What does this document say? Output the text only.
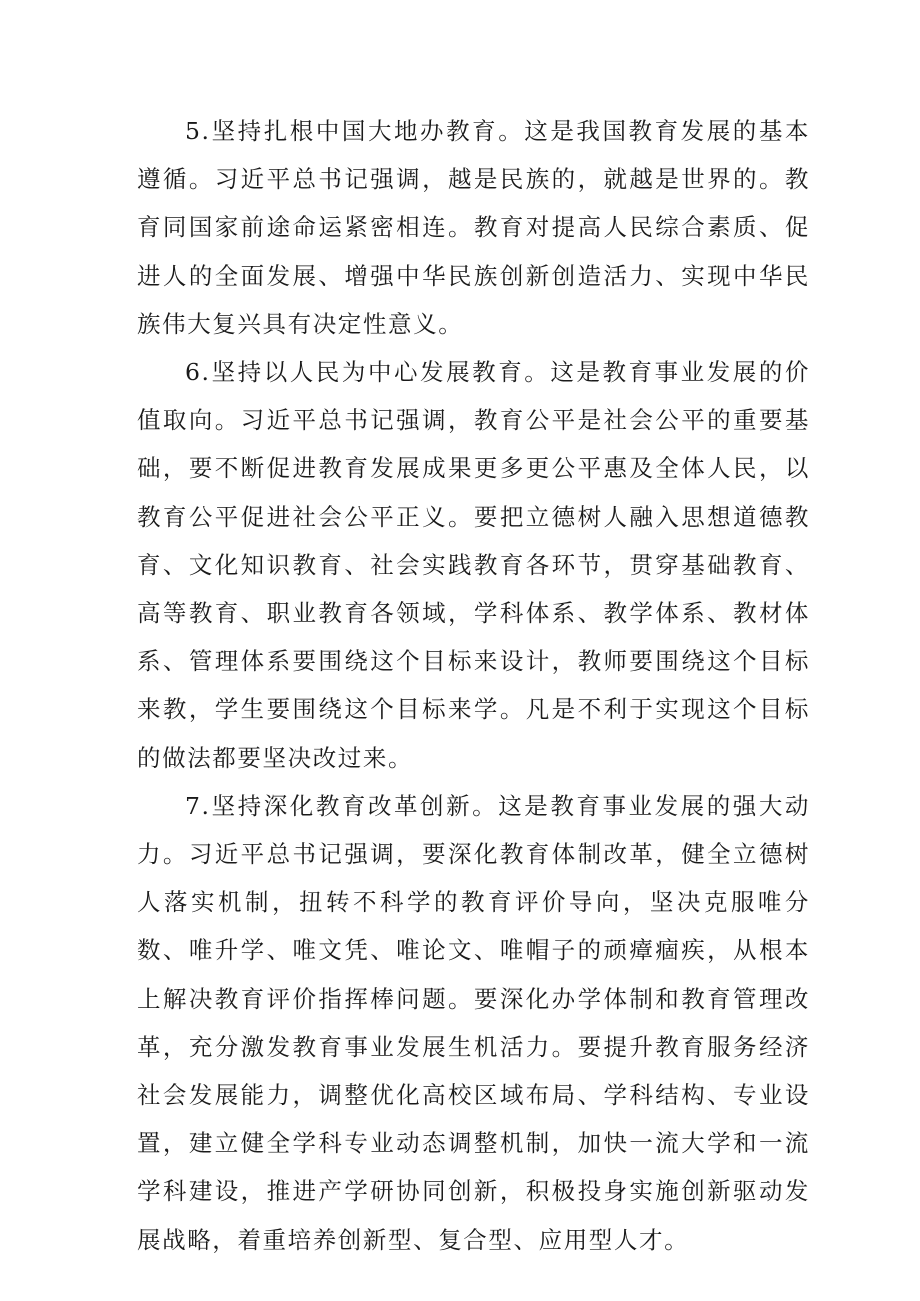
5.坚持扎根中国大地办教育。这是我国教育发展的基本遵循。习近平总书记强调，越是民族的，就越是世界的。教育同国家前途命运紧密相连。教育对提高人民综合素质、促进人的全面发展、增强中华民族创新创造活力、实现中华民族伟大复兴具有决定性意义。

6.坚持以人民为中心发展教育。这是教育事业发展的价值取向。习近平总书记强调，教育公平是社会公平的重要基础，要不断促进教育发展成果更多更公平惠及全体人民，以教育公平促进社会公平正义。要把立德树人融入思想道德教育、文化知识教育、社会实践教育各环节，贯穿基础教育、高等教育、职业教育各领域，学科体系、教学体系、教材体系、管理体系要围绕这个目标来设计，教师要围绕这个目标来教，学生要围绕这个目标来学。凡是不利于实现这个目标的做法都要坚决改过来。

7.坚持深化教育改革创新。这是教育事业发展的强大动力。习近平总书记强调，要深化教育体制改革，健全立德树人落实机制，扭转不科学的教育评价导向，坚决克服唯分数、唯升学、唯文凭、唯论文、唯帽子的顽瘴痼疾，从根本上解决教育评价指挥棒问题。要深化办学体制和教育管理改革，充分激发教育事业发展生机活力。要提升教育服务经济社会发展能力，调整优化高校区域布局、学科结构、专业设置，建立健全学科专业动态调整机制，加快一流大学和一流学科建设，推进产学研协同创新，积极投身实施创新驱动发展战略，着重培养创新型、复合型、应用型人才。
